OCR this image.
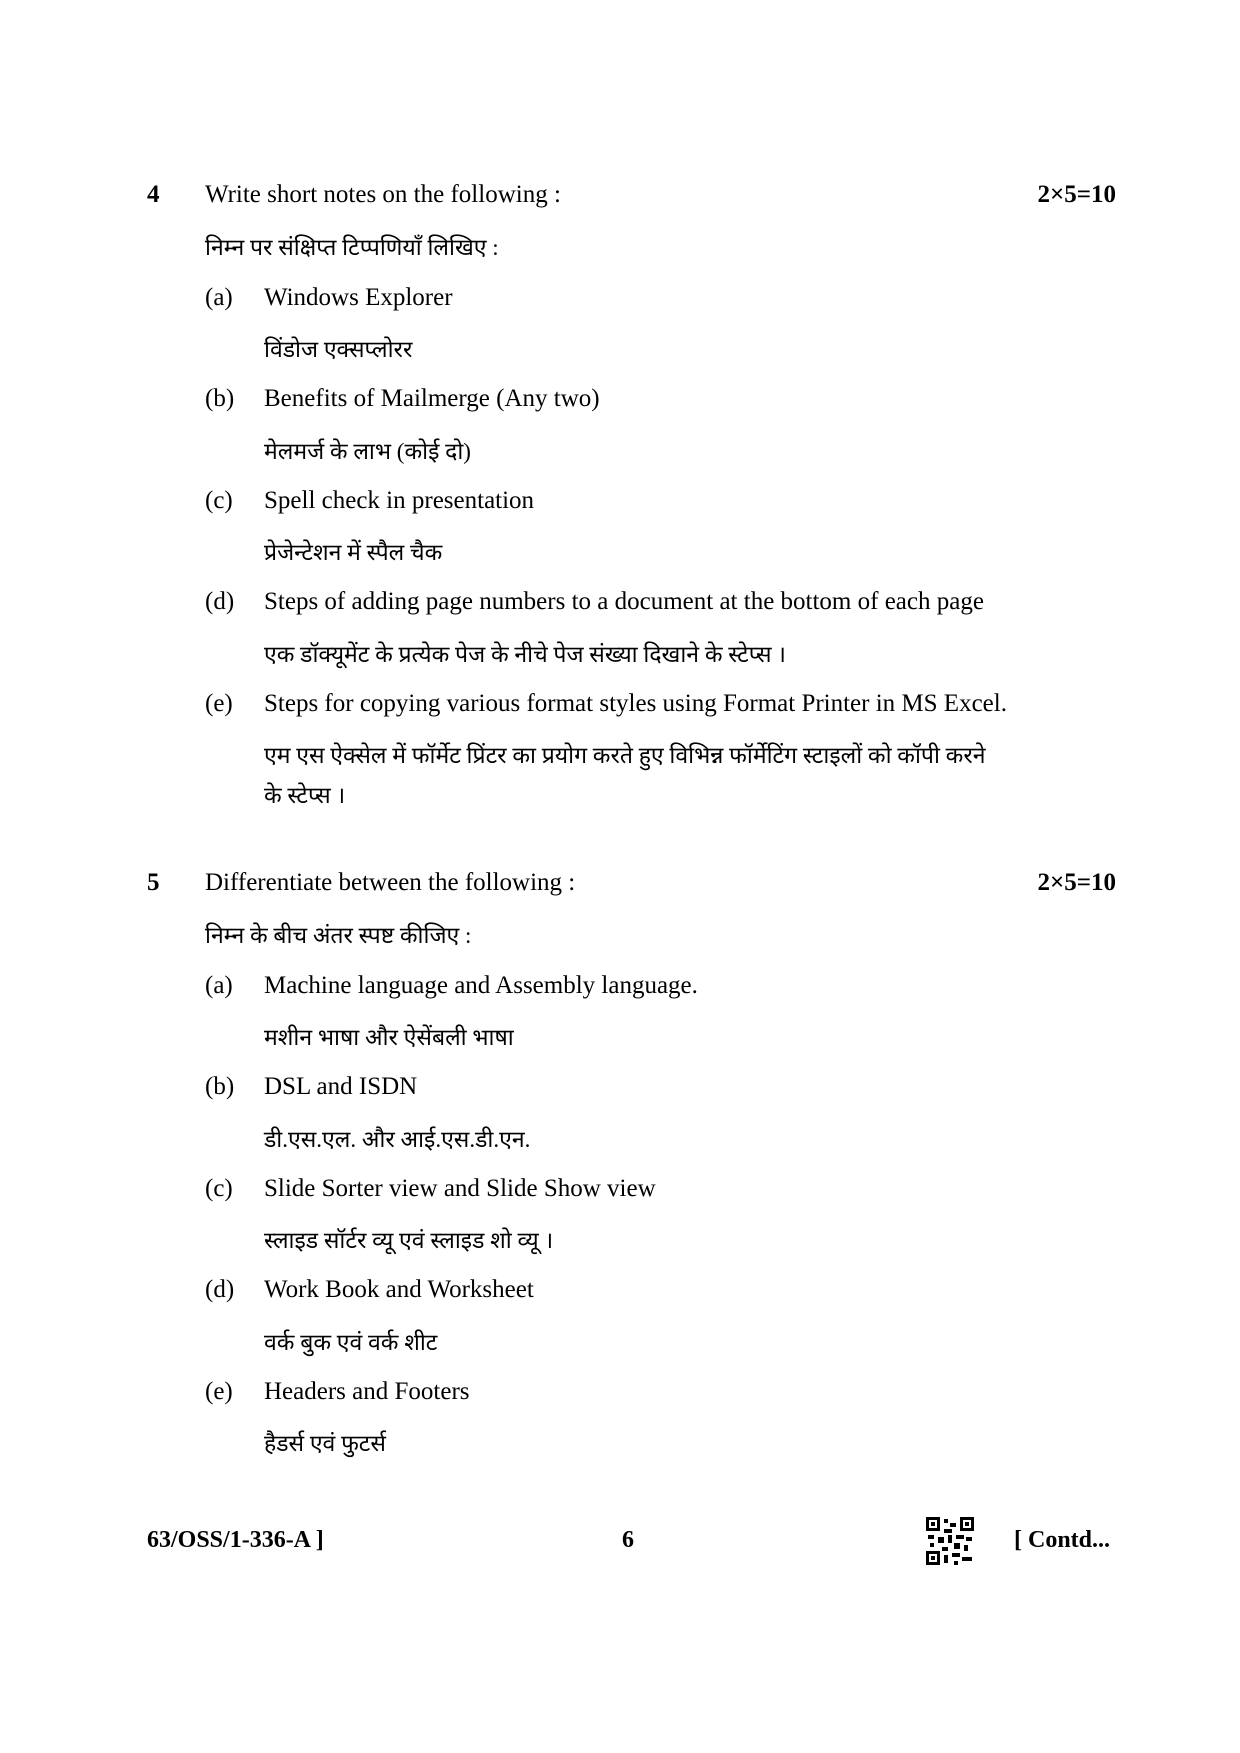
4 Write short notes on the following :	2×5=10
निम्न पर संक्षिप्त टिप्पणियाँ लिखिए :
(a) Windows Explorer
विंडोज एक्सप्लोरर
(b) Benefits of Mailmerge (Any two)
मेलमर्ज के लाभ (कोई दो)
(c) Spell check in presentation
प्रेजेन्टेशन में स्पैल चैक
(d) Steps of adding page numbers to a document at the bottom of each page
एक डॉक्यूमेंट के प्रत्येक पेज के नीचे पेज संख्या दिखाने के स्टेप्स ।
(e) Steps for copying various format styles using Format Printer in MS Excel.
एम एस ऐक्सेल में फॉर्मेट प्रिंटर का प्रयोग करते हुए विभिन्न फॉर्मेटिंग स्टाइलों को कॉपी करने
के स्टेप्स ।
5 Differentiate between the following :	2×5=10
निम्न के बीच अंतर स्पष्ट कीजिए :
(a) Machine language and Assembly language.
मशीन भाषा और ऐसेंबली भाषा
(b) DSL and ISDN
डी.एस.एल. और आई.एस.डी.एन.
(c) Slide Sorter view and Slide Show view
स्लाइड सॉर्टर व्यू एवं स्लाइड शो व्यू ।
(d) Work Book and Worksheet
वर्क बुक एवं वर्क शीट
(e) Headers and Footers
हैडर्स एवं फुटर्स
63/OSS/1-336-A ]	6	[ Contd...
